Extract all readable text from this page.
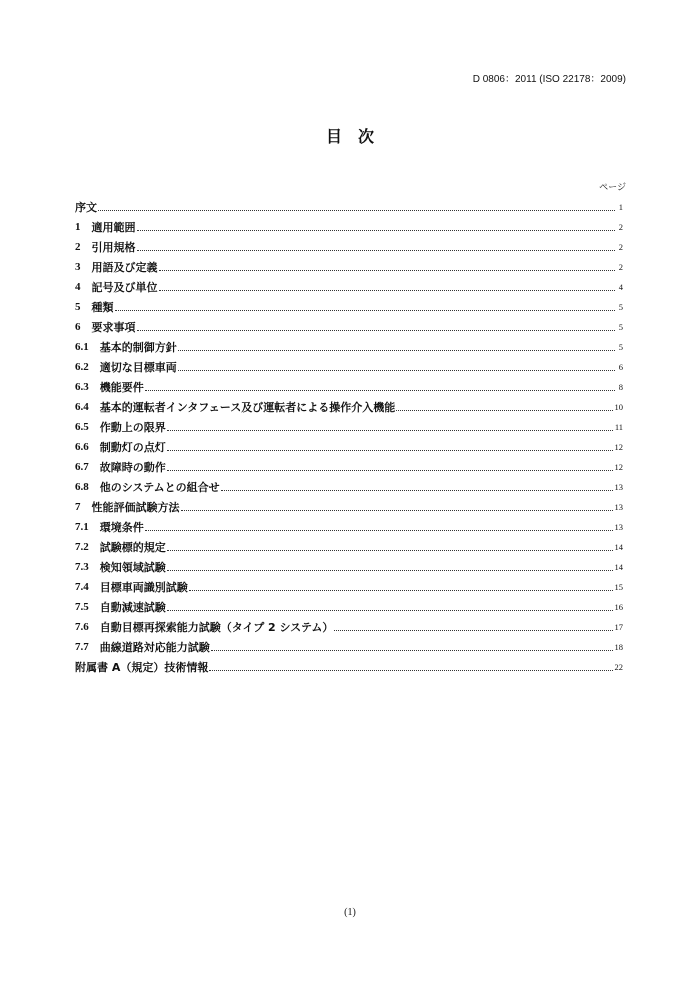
D 0806：2011 (ISO 22178：2009)
目　次
ページ
序文	1
1 適用範囲	2
2 引用規格	2
3 用語及び定義	2
4 記号及び単位	4
5 種類	5
6 要求事項	5
6.1 基本的制御方針	5
6.2 適切な目標車両	6
6.3 機能要件	8
6.4 基本的運転者インタフェース及び運転者による操作介入機能	10
6.5 作動上の限界	11
6.6 制動灯の点灯	12
6.7 故障時の動作	12
6.8 他のシステムとの組合せ	13
7 性能評価試験方法	13
7.1 環境条件	13
7.2 試験標的規定	14
7.3 検知領域試験	14
7.4 目標車両識別試験	15
7.5 自動減速試験	16
7.6 自動目標再探索能力試験（タイプ 2 システム）	17
7.7 曲線道路対応能力試験	18
附属書 A（規定）技術情報	22
(1)
